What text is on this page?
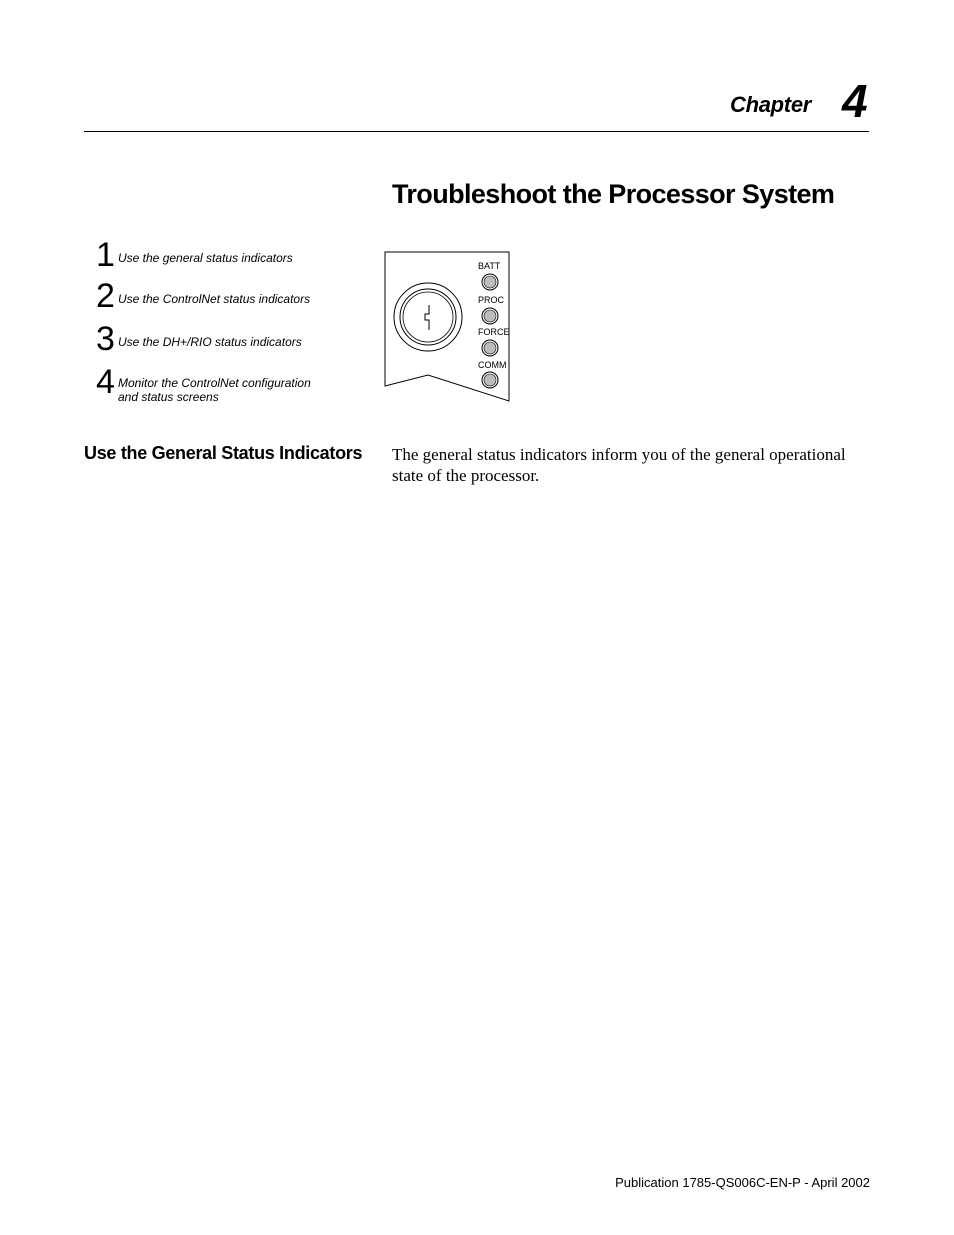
Chapter 4
Troubleshoot the Processor System
1 Use the general status indicators
2 Use the ControlNet status indicators
3 Use the DH+/RIO status indicators
4 Monitor the ControlNet configuration
and status screens
BATT
PROC
FORCE
COMM
Use the General Status Indicators The general status indicators inform you of the general operational state of the processor.
Publication 1785-QS006C-EN-P - April 2002
